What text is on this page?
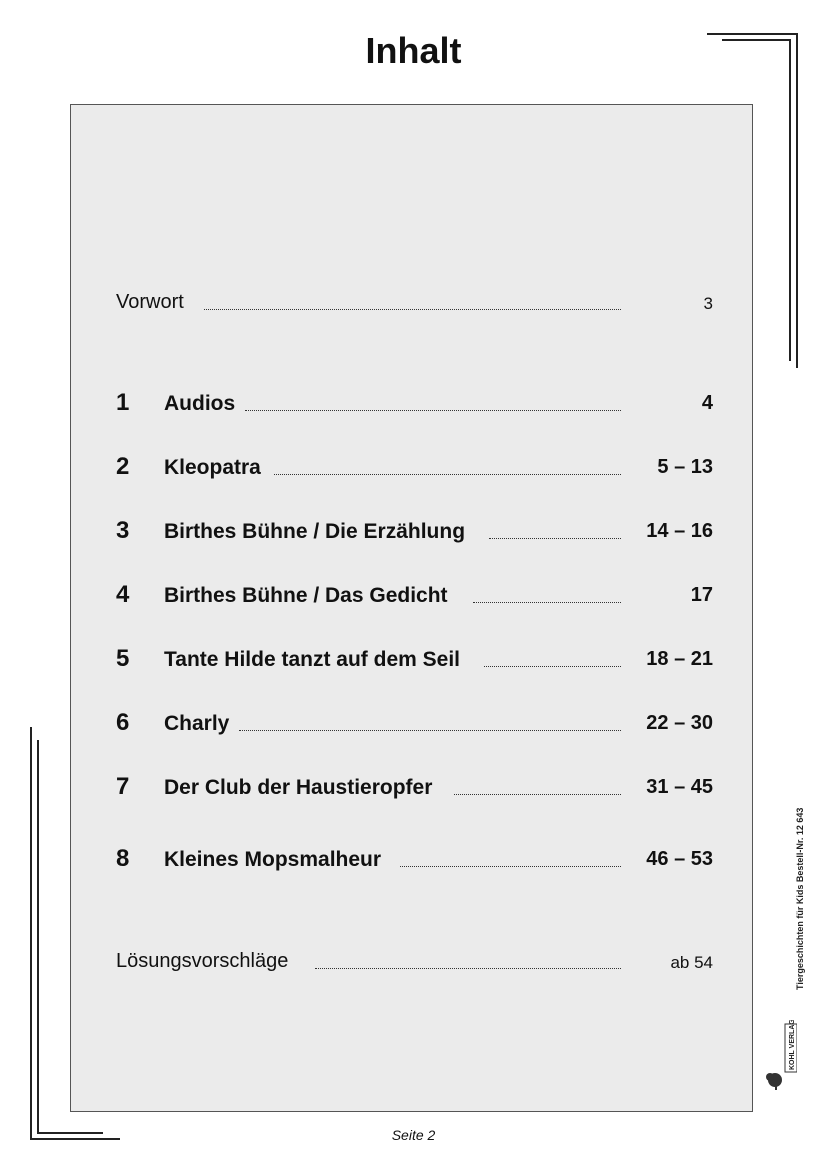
Inhalt
Vorwort	3
1 Audios	4
2 Kleopatra	5 – 13
3 Birthes Bühne / Die Erzählung	14 – 16
4 Birthes Bühne / Das Gedicht	17
5 Tante Hilde tanzt auf dem Seil	18 – 21
6 Charly	22 – 30
7 Der Club der Haustieropfer	31 – 45
8 Kleines Mopsmalheur	46 – 53
Lösungsvorschläge	ab 54	Tiergeschichten für Kids Bestell-Nr. 12 643
KOHL VERLAG
Seite 2
